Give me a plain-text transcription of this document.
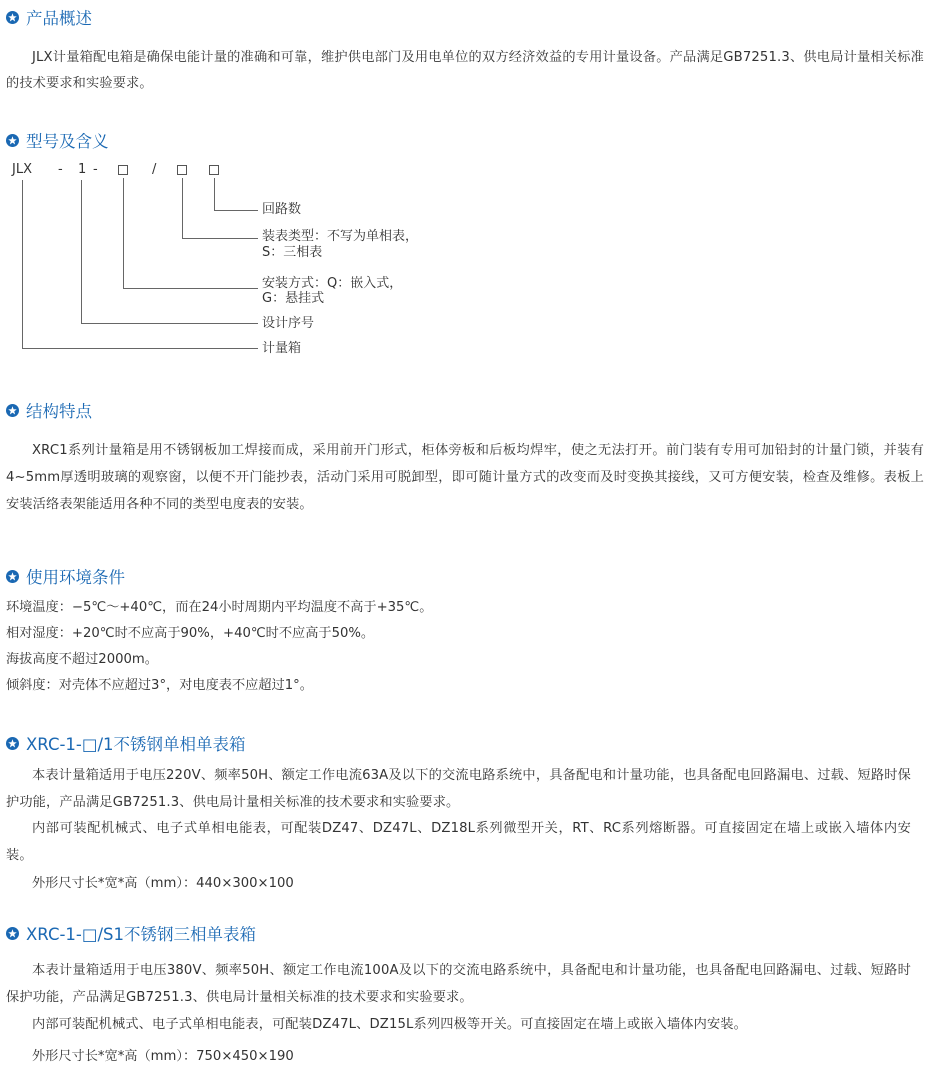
产品概述

JLX计量箱配电箱是确保电能计量的准确和可靠，维护供电部门及用电单位的双方经济效益的专用计量设备。产品满足GB7251.3、供电局计量相关标准的技术要求和实验要求。

型号及含义
JLX - 1 -	/
回路数
装表类型：不写为单相表，
S：三相表
安装方式：Q：嵌入式，
G：悬挂式
设计序号
计量箱
结构特点

XRC1系列计量箱是用不锈钢板加工焊接而成，采用前开门形式，柜体旁板和后板均焊牢，使之无法打开。前门装有专用可加铅封的计量门锁，并装有4~5mm厚透明玻璃的观察窗，以便不开门能抄表，活动门采用可脱卸型，即可随计量方式的改变而及时变换其接线，又可方便安装，检查及维修。表板上安装活络表架能适用各种不同的类型电度表的安装。

使用环境条件
环境温度：−5℃～+40℃，而在24小时周期内平均温度不高于+35℃。
相对湿度：+20℃时不应高于90%，+40℃时不应高于50%。
海拔高度不超过2000m。
倾斜度：对壳体不应超过3°，对电度表不应超过1°。
XRC-1-□/1不锈钢单相单表箱

本表计量箱适用于电压220V、频率50H、额定工作电流63A及以下的交流电路系统中，具备配电和计量功能，也具备配电回路漏电、过载、短路时保护功能，产品满足GB7251.3、供电局计量相关标准的技术要求和实验要求。

内部可装配机械式、电子式单相电能表，可配装DZ47、DZ47L、DZ18L系列微型开关，RT、RC系列熔断器。可直接固定在墙上或嵌入墙体内安装。

外形尺寸长*宽*高（mm）：440×300×100
XRC-1-□/S1不锈钢三相单表箱

本表计量箱适用于电压380V、频率50H、额定工作电流100A及以下的交流电路系统中，具备配电和计量功能，也具备配电回路漏电、过载、短路时保护功能，产品满足GB7251.3、供电局计量相关标准的技术要求和实验要求。

内部可装配机械式、电子式单相电能表，可配装DZ47L、DZ15L系列四极等开关。可直接固定在墙上或嵌入墙体内安装。

外形尺寸长*宽*高（mm）：750×450×190
